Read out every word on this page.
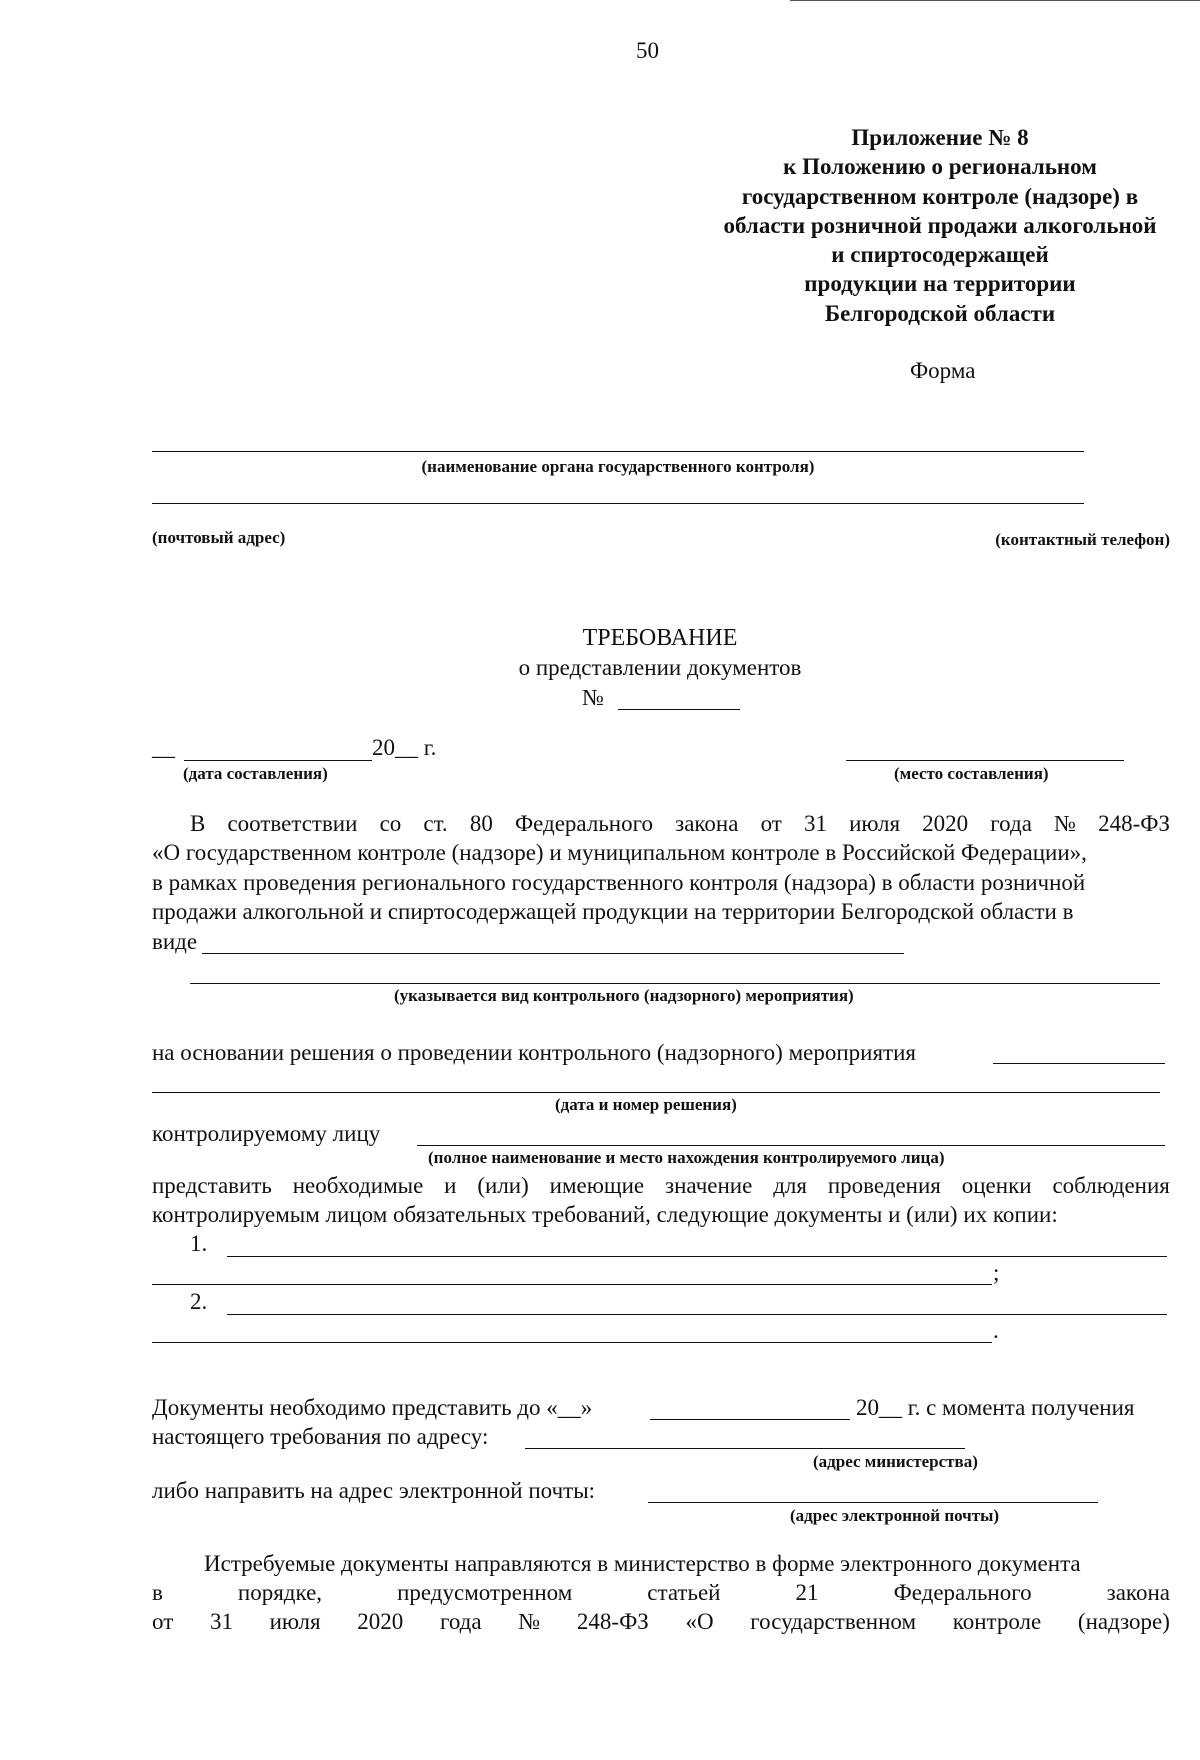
50
Приложение № 8
к Положению о региональном
государственном контроле (надзоре) в
области розничной продажи алкогольной
и спиртосодержащей
продукции на территории
Белгородской области
Форма
(наименование органа государственного контроля)
(почтовый адрес)	(контактный телефон)
ТРЕБОВАНИЕ
о представлении документов
№
__	20__ г.
(дата составления)	(место составления)
В соответствии со ст. 80 Федерального закона от 31 июля 2020 года № 248-ФЗ
«О государственном контроле (надзоре) и муниципальном контроле в Российской Федерации»,
в рамках проведения регионального государственного контроля (надзора) в области розничной
продажи алкогольной и спиртосодержащей продукции на территории Белгородской области в
виде
(указывается вид контрольного (надзорного) мероприятия)
на основании решения о проведении контрольного (надзорного) мероприятия
(дата и номер решения)
контролируемому лицу
(полное наименование и место нахождения контролируемого лица)
представить необходимые и (или) имеющие значение для проведения оценки соблюдения
контролируемым лицом обязательных требований, следующие документы и (или) их копии:
1.
;
2.
.
Документы необходимо представить до «__»	20__ г. с момента получения
настоящего требования по адресу:
(адрес министерства)
либо направить на адрес электронной почты:
(адрес электронной почты)
Истребуемые документы направляются в министерство в форме электронного документа
в	порядке,	предусмотренном	статьей	21	Федерального	закона
от 31 июля 2020 года № 248-ФЗ «О государственном контроле (надзоре)
